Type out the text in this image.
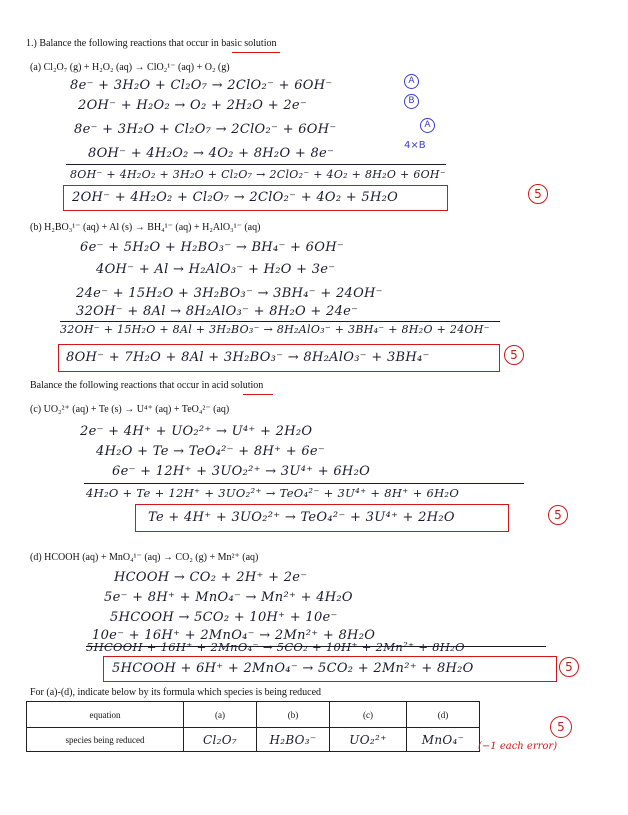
1.) Balance the following reactions that occur in basic solution
(a) Cl₂O₇ (g) + H₂O₂ (aq) → ClO₂¹⁻ (aq) + O₂ (g)
8e⁻ + 3H₂O + Cl₂O₇ → 2ClO₂⁻ + 6OH⁻
2OH⁻ + H₂O₂ → O₂ + 2H₂O + 2e⁻
8e⁻ + 3H₂O + Cl₂O₇ → 2ClO₂⁻ + 6OH⁻
8OH⁻ + 4H₂O₂ → 4O₂ + 8H₂O + 8e⁻
8OH⁻ + 4H₂O₂ + 3H₂O + Cl₂O₇ → 2ClO₂⁻ + 4O₂ + 8H₂O + 6OH⁻
2OH⁻ + 4H₂O₂ + Cl₂O₇ → 2ClO₂⁻ + 4O₂ + 5H₂O
A
B
A
4×B
5
(b) H₂BO₃¹⁻ (aq) + Al (s) → BH₄¹⁻ (aq) + H₂AlO₃¹⁻ (aq)
6e⁻ + 5H₂O + H₂BO₃⁻ → BH₄⁻ + 6OH⁻
4OH⁻ + Al → H₂AlO₃⁻ + H₂O + 3e⁻
24e⁻ + 15H₂O + 3H₂BO₃⁻ → 3BH₄⁻ + 24OH⁻
32OH⁻ + 8Al → 8H₂AlO₃⁻ + 8H₂O + 24e⁻
32OH⁻ + 15H₂O + 8Al + 3H₂BO₃⁻ → 8H₂AlO₃⁻ + 3BH₄⁻ + 8H₂O + 24OH⁻
8OH⁻ + 7H₂O + 8Al + 3H₂BO₃⁻ → 8H₂AlO₃⁻ + 3BH₄⁻	5
Balance the following reactions that occur in acid solution
(c) UO₂²⁺ (aq) + Te (s) → U⁴⁺ (aq) + TeO₄²⁻ (aq)
2e⁻ + 4H⁺ + UO₂²⁺ → U⁴⁺ + 2H₂O
4H₂O + Te → TeO₄²⁻ + 8H⁺ + 6e⁻
6e⁻ + 12H⁺ + 3UO₂²⁺ → 3U⁴⁺ + 6H₂O
4H₂O + Te + 12H⁺ + 3UO₂²⁺ → TeO₄²⁻ + 3U⁴⁺ + 8H⁺ + 6H₂O
Te + 4H⁺ + 3UO₂²⁺ → TeO₄²⁻ + 3U⁴⁺ + 2H₂O	5
(d) HCOOH (aq) + MnO₄¹⁻ (aq) → CO₂ (g) + Mn²⁺ (aq)
HCOOH → CO₂ + 2H⁺ + 2e⁻
5e⁻ + 8H⁺ + MnO₄⁻ → Mn²⁺ + 4H₂O
5HCOOH → 5CO₂ + 10H⁺ + 10e⁻
10e⁻ + 16H⁺ + 2MnO₄⁻ → 2Mn²⁺ + 8H₂O
5HCOOH + 16H⁺ + 2MnO₄⁻ → 5CO₂ + 10H⁺ + 2Mn²⁺ + 8H₂O
5HCOOH + 6H⁺ + 2MnO₄⁻ → 5CO₂ + 2Mn²⁺ + 8H₂O	5
For (a)-(d), indicate below by its formula which species is being reduced
equation	(a)	(b)	(c)	(d)
species being reduced	Cl₂O₇	H₂BO₃⁻	UO₂²⁺	MnO₄⁻
5
(−1 each error)
